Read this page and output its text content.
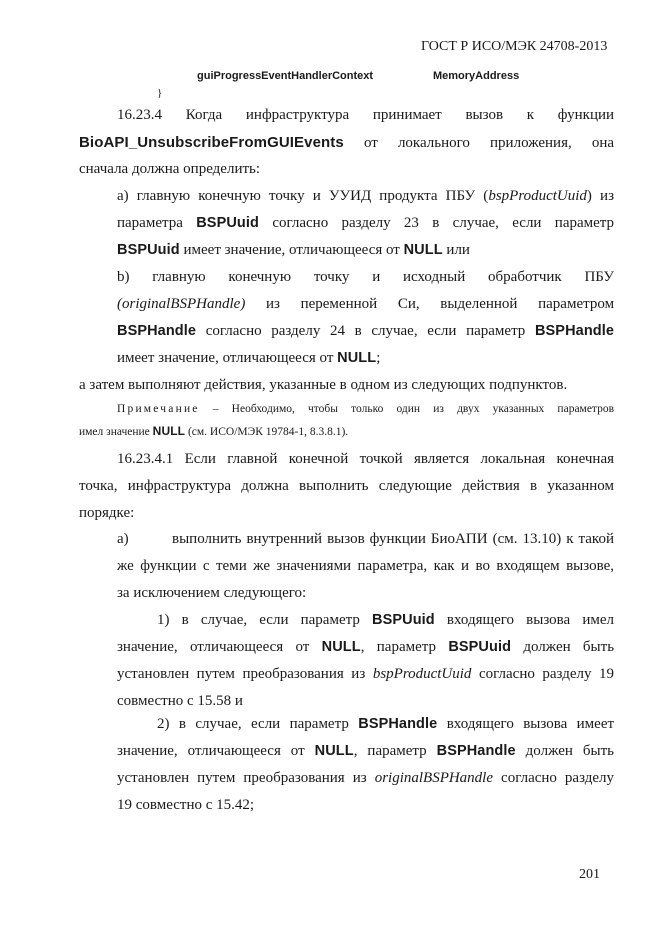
ГОСТ Р ИСО/МЭК 24708-2013
guiProgressEventHandlerContext	MemoryAddress
}
16.23.4 Когда инфраструктура принимает вызов к функции
BioAPI_UnsubscribeFromGUIEvents от локального приложения, она
сначала должна определить:
а) главную конечную точку и УУИД продукта ПБУ (bspProductUuid) из
параметра BSPUuid согласно разделу 23 в случае, если параметр
BSPUuid имеет значение, отличающееся от NULL или
b) главную конечную точку и исходный обработчик ПБУ
(originalBSPHandle) из переменной Си, выделенной параметром
BSPHandle согласно разделу 24 в случае, если параметр BSPHandle
имеет значение, отличающееся от NULL;
а затем выполняют действия, указанные в одном из следующих подпунктов.
Примечание – Необходимо, чтобы только один из двух указанных параметров
имел значение NULL (см. ИСО/МЭК 19784-1, 8.3.8.1).
16.23.4.1 Если главной конечной точкой является локальная конечная
точка, инфраструктура должна выполнить следующие действия в указанном
порядке:
а)	выполнить внутренний вызов функции БиоАПИ (см. 13.10) к такой
же функции с теми же значениями параметра, как и во входящем вызове,
за исключением следующего:
1) в случае, если параметр BSPUuid входящего вызова имел
значение, отличающееся от NULL, параметр BSPUuid должен быть
установлен путем преобразования из bspProductUuid согласно разделу 19
совместно с 15.58 и
2) в случае, если параметр BSPHandle входящего вызова имеет
значение, отличающееся от NULL, параметр BSPHandle должен быть
установлен путем преобразования из originalBSPHandle согласно разделу
19 совместно с 15.42;
201
